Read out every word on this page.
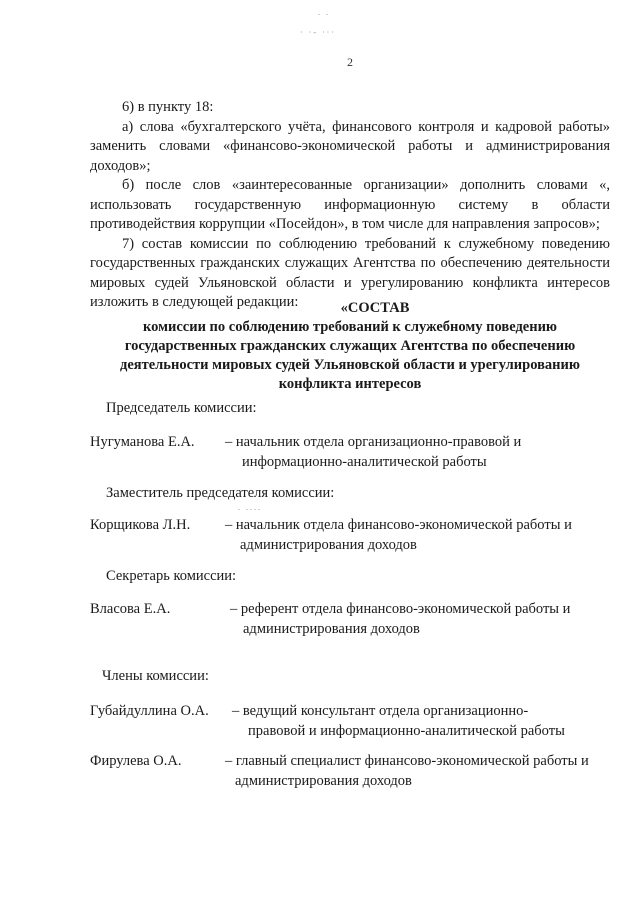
. .
· ·- ···
2

6) в пункту 18:

а) слова «бухгалтерского учёта, финансового контроля и кадровой работы» заменить словами «финансово-экономической работы и администрирования доходов»;

б) после слов «заинтересованные организации» дополнить словами «, использовать государственную информационную систему в области противодействия коррупции «Посейдон», в том числе для направления запросов»;

7) состав комиссии по соблюдению требований к служебному поведению государственных гражданских служащих Агентства по обеспечению деятельности мировых судей Ульяновской области и урегулированию конфликта интересов изложить в следующей редакции:	«СОСТАВ
комиссии по соблюдению требований к служебному поведению государственных гражданских служащих Агентства по обеспечению деятельности мировых судей Ульяновской области и урегулированию конфликта интересов
Председатель комиссии:
Нугуманова Е.А. – начальник отдела организационно-правовой и
информационно-аналитической работы
Заместитель председателя комиссии:
. ....
Корщикова Л.Н. – начальник отдела финансово-экономической работы и
администрирования доходов
Секретарь комиссии:
Власова Е.А.	– референт отдела финансово-экономической работы и
администрирования доходов
Члены комиссии:
Губайдуллина О.А. – ведущий консультант отдела организационно-
правовой и информационно-аналитической работы
Фирулева О.А.	– главный специалист финансово-экономической работы и
администрирования доходов
